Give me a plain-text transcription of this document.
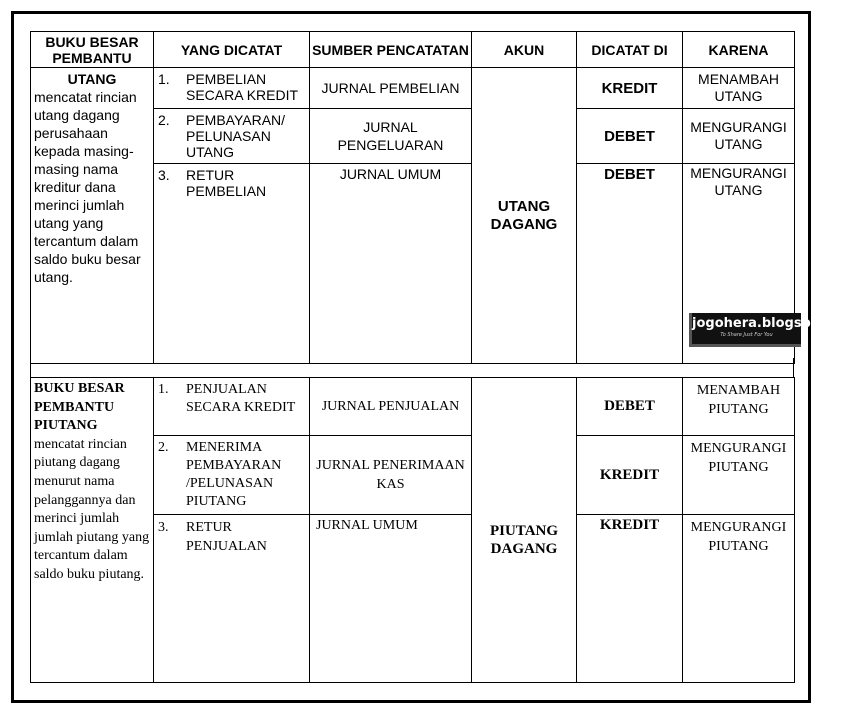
BUKU BESAR PEMBANTU	YANG DICATAT	SUMBER PENCATATAN	AKUN	DICATAT DI	KARENA

UTANG
mencatat rincian utang dagang perusahaan kepada masing-masing nama kreditur dana merinci jumlah utang yang tercantum dalam saldo buku besar utang.	1. PEMBELIAN SECARA KREDIT	JURNAL PEMBELIAN	UTANG DAGANG	KREDIT	MENAMBAH UTANG

	2. PEMBAYARAN/ PELUNASAN UTANG	JURNAL PENGELUARAN		DEBET	MENGURANGI UTANG

	3. RETUR PEMBELIAN	JURNAL UMUM		DEBET	MENGURANGI UTANG
BUKU BESAR PEMBANTU PIUTANG
mencatat rincian piutang dagang menurut nama pelanggannya dan merinci jumlah jumlah piutang yang tercantum dalam saldo buku piutang.	1. PENJUALAN SECARA KREDIT	JURNAL PENJUALAN	PIUTANG DAGANG	DEBET	MENAMBAH PIUTANG

	2. MENERIMA PEMBAYARAN /PELUNASAN PIUTANG	JURNAL PENERIMAAN KAS		KREDIT	MENGURANGI PIUTANG

	3. RETUR PENJUALAN	JURNAL UMUM		KREDIT	MENGURANGI PIUTANG
jogohera.blogspot.com
To Share Just For You
